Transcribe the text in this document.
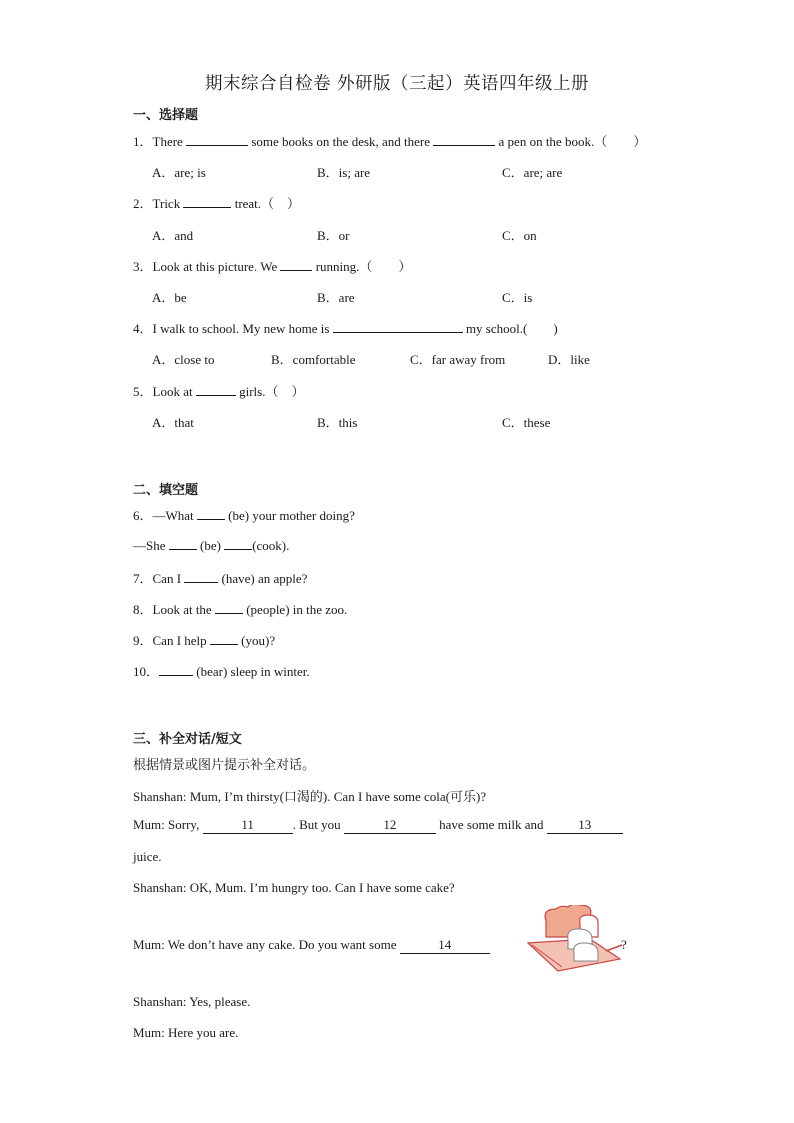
期末综合自检卷 外研版（三起）英语四年级上册
一、选择题
1．There	some books on the desk, and there	a pen on the book.（　　）
A．are; is	B．is; are	C．are; are
2．Trick	treat.（　）
A．and	B．or	C．on
3．Look at this picture. We	running.（　　）
A．be	B．are	C．is
4．I walk to school. My new home is	my school.(　　)
A．close to	B．comfortable	C．far away from	D．like
5．Look at	girls.（　）
A．that	B．this	C．these
二、填空题
6．—What	(be) your mother doing?
—She	(be) (cook).
7．Can I	(have) an apple?
8．Look at the	(people) in the zoo.
9．Can I help	(you)?
10．	(bear) sleep in winter.
三、补全对话/短文
根据情景或图片提示补全对话。
Shanshan: Mum, I’m thirsty(口渴的). Can I have some cola(可乐)?
Mum: Sorry,	11	. But you	12	have some milk and	13
juice.
Shanshan: OK, Mum. I’m hungry too. Can I have some cake?
Mum: We don’t have any cake. Do you want some	14	?
Shanshan: Yes, please.
Mum: Here you are.
